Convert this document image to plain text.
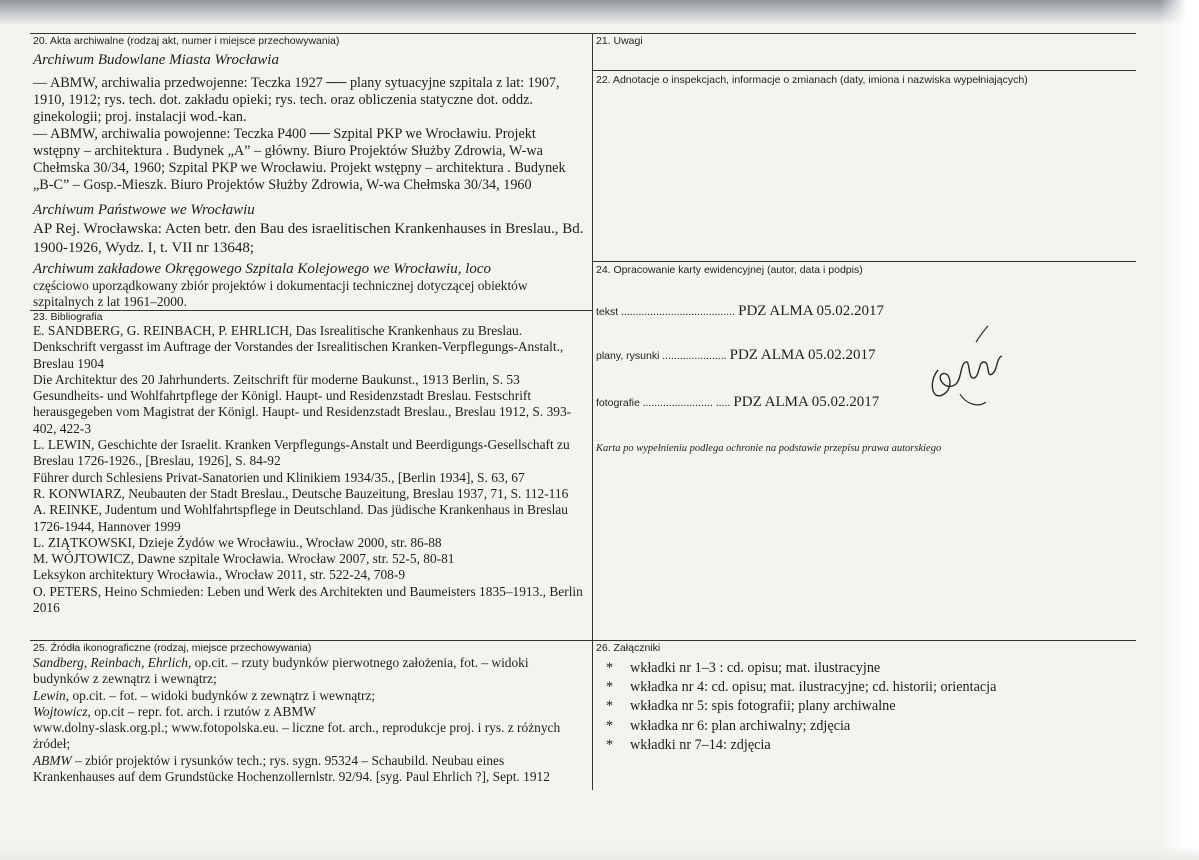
20. Akta archiwalne (rodzaj akt, numer i miejsce przechowywania)
Archiwum Budowlane Miasta Wrocławia

— ABMW, archiwalia przedwojenne: Teczka 1927 ── plany sytuacyjne szpitala z lat: 1907, 1910, 1912; rys. tech. dot. zakładu opieki; rys. tech. oraz obliczenia statyczne dot. oddz. ginekologii; proj. instalacji wod.-kan.

— ABMW, archiwalia powojenne: Teczka P400 ── Szpital PKP we Wrocławiu. Projekt wstępny – architektura . Budynek „A” – główny. Biuro Projektów Służby Zdrowia, W-wa Chełmska 30/34, 1960; Szpital PKP we Wrocławiu. Projekt wstępny – architektura . Budynek „B-C” – Gosp.-Mieszk. Biuro Projektów Służby Zdrowia, W-wa Chełmska 30/34, 1960

Archiwum Państwowe we Wrocławiu
AP Rej. Wrocławska: Acten betr. den Bau des israelitischen Krankenhauses in Breslau., Bd. 1900-1926, Wydz. I, t. VII nr 13648;
Archiwum zakładowe Okręgowego Szpitala Kolejowego we Wrocławiu, loco
częściowo uporządkowany zbiór projektów i dokumentacji technicznej dotyczącej obiektów szpitalnych z lat 1961–2000.
21. Uwagi
22. Adnotacje o inspekcjach, informacje o zmianach (daty, imiona i nazwiska wypełniających)
23. Bibliografia
E. SANDBERG, G. REINBACH, P. EHRLICH, Das Isrealitische Krankenhaus zu Breslau. Denkschrift vergasst im Auftrage der Vorstandes der Isrealitischen Kranken-Verpflegungs-Anstalt., Breslau 1904
Die Architektur des 20 Jahrhunderts. Zeitschrift für moderne Baukunst., 1913 Berlin, S. 53
Gesundheits- und Wohlfahrtpflege der Königl. Haupt- und Residenzstadt Breslau. Festschrift herausgegeben vom Magistrat der Königl. Haupt- und Residenzstadt Breslau., Breslau 1912, S. 393-402, 422-3
L. LEWIN, Geschichte der Israelit. Kranken Verpflegungs-Anstalt und Beerdigungs-Gesellschaft zu Breslau 1726-1926., [Breslau, 1926], S. 84-92
Führer durch Schlesiens Privat-Sanatorien und Klinikiem 1934/35., [Berlin 1934], S. 63, 67
R. KONWIARZ, Neubauten der Stadt Breslau., Deutsche Bauzeitung, Breslau 1937, 71, S. 112-116
A. REINKE, Judentum und Wohlfahrtspflege in Deutschland. Das jüdische Krankenhaus in Breslau 1726-1944, Hannover 1999
L. ZIĄTKOWSKI, Dzieje Żydów we Wrocławiu., Wrocław 2000, str. 86-88
M. WÓJTOWICZ, Dawne szpitale Wrocławia. Wrocław 2007, str. 52-5, 80-81
Leksykon architektury Wrocławia., Wrocław 2011, str. 522-24, 708-9
O. PETERS, Heino Schmieden: Leben und Werk des Architekten und Baumeisters 1835–1913., Berlin 2016
24. Opracowanie karty ewidencyjnej (autor, data i podpis)
tekst ....................................... PDZ ALMA 05.02.2017
plany, rysunki ...................... PDZ ALMA 05.02.2017
fotografie ........................ ..... PDZ ALMA 05.02.2017
Karta po wypełnieniu podlega ochronie na podstawie przepisu prawa autorskiego
25. Źródła ikonograficzne (rodzaj, miejsce przechowywania)
Sandberg, Reinbach, Ehrlich, op.cit. – rzuty budynków pierwotnego założenia, fot. – widoki budynków z zewnątrz i wewnątrz;
Lewin, op.cit. – fot. – widoki budynków z zewnątrz i wewnątrz;
Wojtowicz, op.cit – repr. fot. arch. i rzutów z ABMW
www.dolny-slask.org.pl.; www.fotopolska.eu. – liczne fot. arch., reprodukcje proj. i rys. z różnych źródeł;
ABMW – zbiór projektów i rysunków tech.; rys. sygn. 95324 – Schaubild. Neubau eines Krankenhauses auf dem Grundstücke Hochenzollernlstr. 92/94. [syg. Paul Ehrlich ?], Sept. 1912
26. Załączniki
* wkładki nr 1–3 : cd. opisu; mat. ilustracyjne
* wkładka nr 4: cd. opisu; mat. ilustracyjne; cd. historii; orientacja
* wkładka nr 5: spis fotografii; plany archiwalne
* wkładka nr 6: plan archiwalny; zdjęcia
* wkładki nr 7–14: zdjęcia
